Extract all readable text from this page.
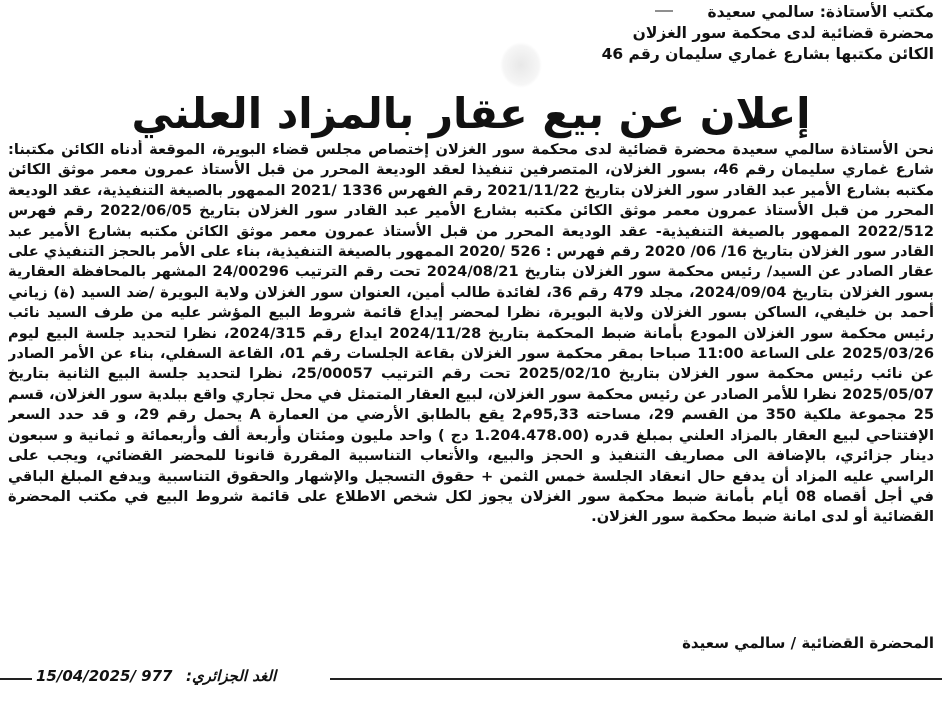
مكتب الأستاذة: سالمي سعيدة
محضرة قضائية لدى محكمة سور الغزلان
الكائن مكتبها بشارع غماري سليمان رقم 46
إعلان عن بيع عقار بالمزاد العلني
نحن الأستاذة سالمي سعيدة محضرة قضائية لدى محكمة سور الغزلان إختصاص مجلس قضاء البويرة، الموقعة أدناه الكائن مكتبنا: شارع غماري سليمان رقم 46، بسور الغزلان، المتصرفين تنفيذا لعقد الوديعة المحرر من قبل الأستاذ عمرون معمر موثق الكائن مكتبه بشارع الأمير عبد القادر سور الغزلان بتاريخ 2021/11/22 رقم الفهرس 1336 /2021 الممهور بالصيغة التنفيذية، عقد الوديعة المحرر من قبل الأستاذ عمرون معمر موثق الكائن مكتبه بشارع الأمير عبد القادر سور الغزلان بتاريخ 2022/06/05 رقم فهرس 2022/512 الممهور بالصيغة التنفيذية- عقد الوديعة المحرر من قبل الأستاذ عمرون معمر موثق الكائن مكتبه بشارع الأمير عبد القادر سور الغزلان بتاريخ 16/ 06/ 2020 رقم فهرس : 526 /2020 الممهور بالصيغة التنفيذية، بناء على الأمر بالحجز التنفيذي على عقار الصادر عن السيد/ رئيس محكمة سور الغزلان بتاريخ 2024/08/21 تحت رقم الترتيب 24/00296 المشهر بالمحافظة العقارية بسور الغزلان بتاريخ 2024/09/04، مجلد 479 رقم 36، لفائدة طالب أمين، العنوان سور الغزلان ولاية البويرة /ضد السيد (ة) زياني أحمد بن خليفي، الساكن بسور الغزلان ولاية البويرة، نظرا لمحضر إيداع قائمة شروط البيع المؤشر عليه من طرف السيد نائب رئيس محكمة سور الغزلان المودع بأمانة ضبط المحكمة بتاريخ 2024/11/28 ايداع رقم 2024/315، نظرا لتحديد جلسة البيع ليوم 2025/03/26 على الساعة 11:00 صباحا بمقر محكمة سور الغزلان بقاعة الجلسات رقم 01، القاعة السفلي، بناء عن الأمر الصادر عن نائب رئيس محكمة سور الغزلان بتاريخ 2025/02/10 تحت رقم الترتيب 25/00057، نظرا لتحديد جلسة البيع الثانية بتاريخ 2025/05/07 نظرا للأمر الصادر عن رئيس محكمة سور الغزلان، لبيع العقار المتمثل في محل تجاري واقع ببلدية سور الغزلان، قسم 25 مجموعة ملكية 350 من القسم 29، مساحته 95,33م2 يقع بالطابق الأرضي من العمارة A يحمل رقم 29، و قد حدد السعر الإفتتاحي لبيع العقار بالمزاد العلني بمبلغ قدره (1.204.478.00 دج ) واحد مليون ومئتان وأربعة ألف وأربعمائة و ثمانية و سبعون دينار جزائري، بالإضافة الى مصاريف التنفيذ و الحجز والبيع، والأتعاب التناسبية المقررة قانونا للمحضر القضائي، ويجب على الراسي عليه المزاد أن يدفع حال انعقاد الجلسة خمس الثمن + حقوق التسجيل والإشهار والحقوق التناسبية ويدفع المبلغ الباقي في أجل أقصاه 08 أيام بأمانة ضبط محكمة سور الغزلان يجوز لكل شخص الاطلاع على قائمة شروط البيع في مكتب المحضرة القضائية أو لدى امانة ضبط محكمة سور الغزلان.
المحضرة القضائية / سالمي سعيدة
15/04/2025/ 977 الغد الجزائري:
